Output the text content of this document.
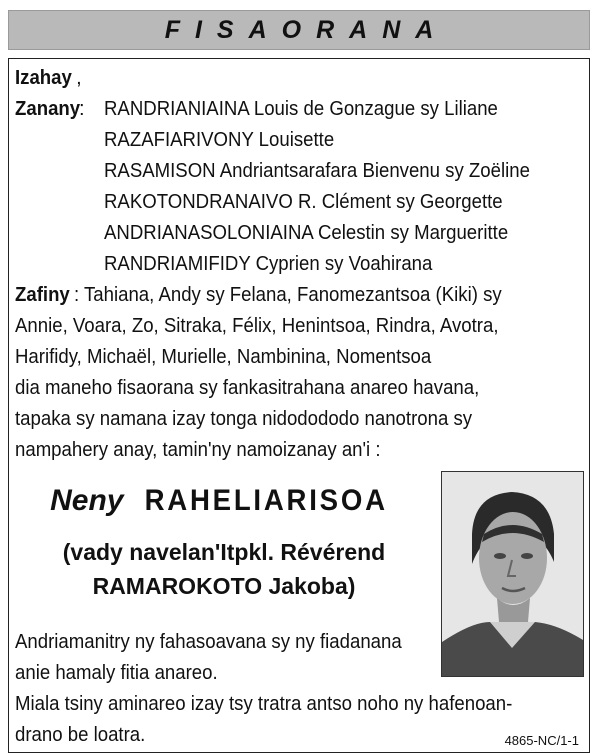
FISAORANA
Izahay ,
Zanany
: RANDRIANIAINA Louis de Gonzague sy Liliane
RAZAFIARIVONY Louisette
RASAMISON Andriantsarafara Bienvenu sy Zoëline
RAKOTONDRANAIVO R. Clément sy Georgette
ANDRIANASOLONIAINA Celestin sy Margueritte
RANDRIAMIFIDY Cyprien sy Voahirana
Zafiny: Tahiana, Andy sy Felana, Fanomezantsoa (Kiki) sy
Annie, Voara, Zo, Sitraka, Félix, Henintsoa, Rindra, Avotra,
Harifidy, Michaël, Murielle, Nambinina, Nomentsoa
dia maneho fisaorana sy fankasitrahana anareo havana,
tapaka sy namana izay tonga nidodododo nanotrona sy
nampahery anay, tamin'ny namoizanay an'i :
Neny RAHELIARISOA
(vady navelan'Itpkl. Révérend
RAMAROKOTO Jakoba)
Andriamanitry ny fahasoavana sy ny fiadanana
anie hamaly fitia anareo.
Miala tsiny aminareo izay tsy tratra antso noho ny hafenoan-
drano be loatra.	4865-NC/1-1
